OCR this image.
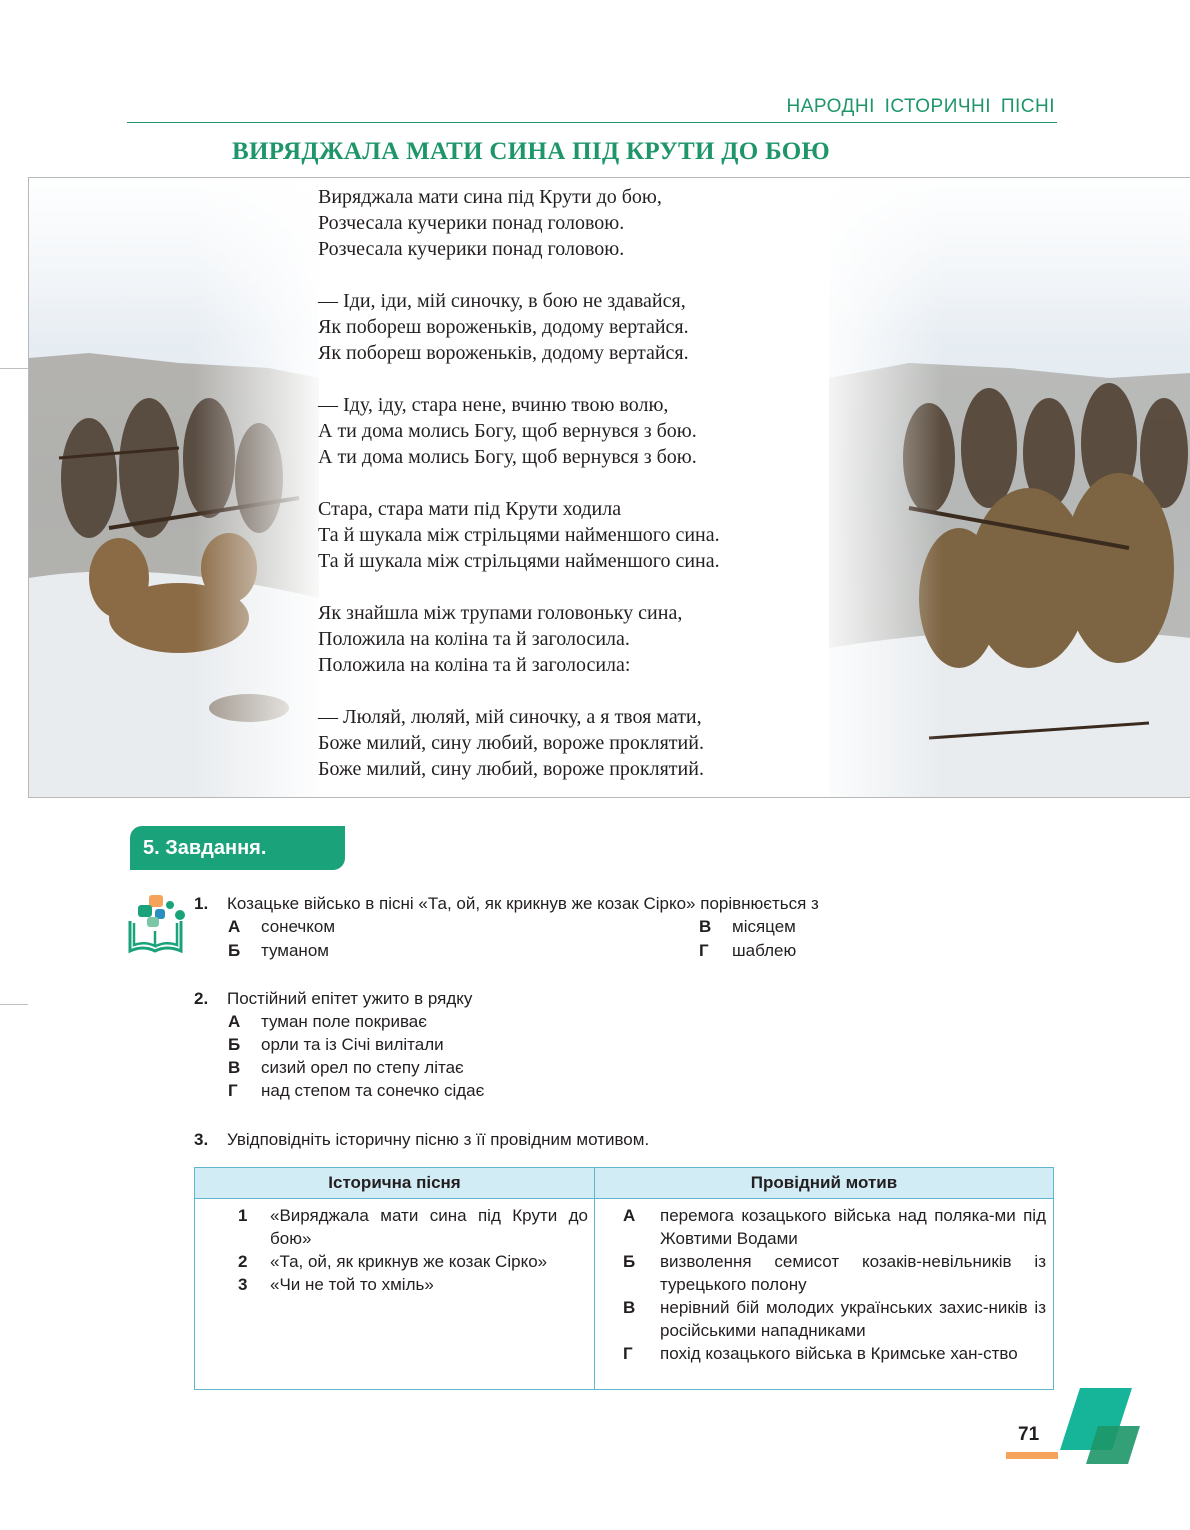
НАРОДНІ ІСТОРИЧНІ ПІСНІ
ВИРЯДЖАЛА МАТИ СИНА ПІД КРУТИ ДО БОЮ
Виряджала мати сина під Крути до бою,
Розчесала кучерики понад головою.
Розчесала кучерики понад головою.
— Іди, іди, мій синочку, в бою не здавайся,
Як побореш вороженьків, додому вертайся.
Як побореш вороженьків, додому вертайся.
— Іду, іду, стара нене, вчиню твою волю,
А ти дома молись Богу, щоб вернувся з бою.
А ти дома молись Богу, щоб вернувся з бою.
Стара, стара мати під Крути ходила
Та й шукала між стрільцями найменшого сина.
Та й шукала між стрільцями найменшого сина.
Як знайшла між трупами головоньку сина,
Положила на коліна та й заголосила.
Положила на коліна та й заголосила:
— Люляй, люляй, мій синочку, а я твоя мати,
Боже милий, сину любий, вороже проклятий.
Боже милий, сину любий, вороже проклятий.
5. Завдання.
1. Козацьке військо в пісні «Та, ой, як крикнув же козак Сірко» порівнюється з
А сонечком
Б туманом
В місяцем
Г шаблею
2. Постійний епітет ужито в рядку
А туман поле покриває
Б орли та із Січі вилітали
В сизий орел по степу літає
Г над степом та сонечко сідає
3. Увідповідніть історичну пісню з її провідним мотивом.
Історична пісня	Провідний мотив
1 «Виряджала мати сина під Крути до бою»
2 «Та, ой, як крикнув же козак Сірко»
3 «Чи не той то хміль»
А перемога козацького війська над поляка-ми під Жовтими Водами
Б визволення семисот козаків-невільників із турецького полону
В нерівний бій молодих українських захис-ників із російськими нападниками
Г похід козацького війська в Кримське хан-ство
71
